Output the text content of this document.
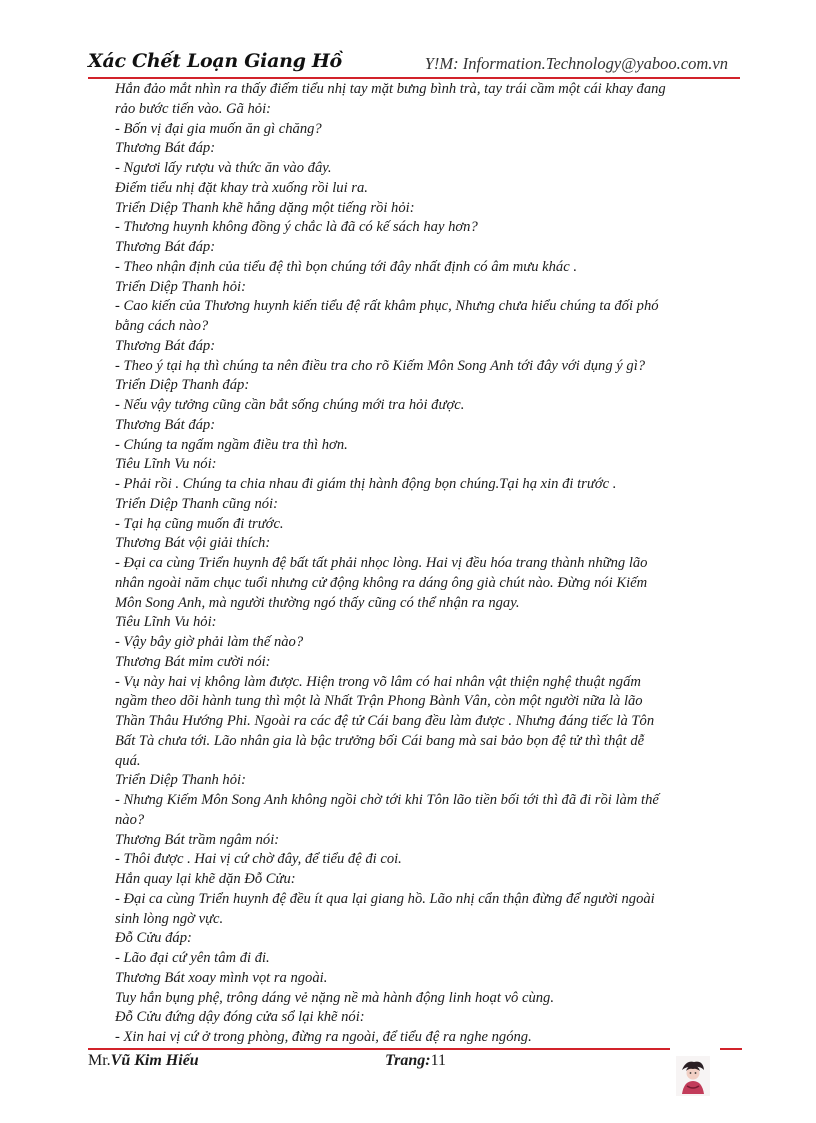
Xác Chết Loạn Giang Hồ	Y!M: Information.Technology@yaboo.com.vn
Hắn đảo mắt nhìn ra thấy điếm tiểu nhị tay mặt bưng bình trà, tay trái cầm một cái khay đang
rảo bước tiến vào. Gã hỏi:
- Bốn vị đại gia muốn ăn gì chăng?
Thương Bát đáp:
- Ngươi lấy rượu và thức ăn vào đây.
Điếm tiểu nhị đặt khay trà xuống rồi lui ra.
Triển Diệp Thanh khẽ hắng dặng một tiếng rồi hỏi:
- Thương huynh không đồng ý chắc là đã có kế sách hay hơn?
Thương Bát đáp:
- Theo nhận định của tiểu đệ thì bọn chúng tới đây nhất định có âm mưu khác .
Triển Diệp Thanh hỏi:
- Cao kiến của Thương huynh kiến tiểu đệ rất khâm phục, Nhưng chưa hiểu chúng ta đối phó
bằng cách nào?
Thương Bát đáp:
- Theo ý tại hạ thì chúng ta nên điều tra cho rõ Kiếm Môn Song Anh tới đây với dụng ý gì?
Triển Diệp Thanh đáp:
- Nếu vậy tưởng cũng cần bắt sống chúng mới tra hỏi được.
Thương Bát đáp:
- Chúng ta ngấm ngầm điều tra thì hơn.
Tiêu Lĩnh Vu nói:
- Phải rồi . Chúng ta chia nhau đi giám thị hành động bọn chúng.Tại hạ xin đi trước .
Triển Diệp Thanh cũng nói:
- Tại hạ cũng muốn đi trước.
Thương Bát vội giải thích:
- Đại ca cùng Triển huynh đệ bất tất phải nhọc lòng. Hai vị đều hóa trang thành những lão
nhân ngoài năm chục tuổi nhưng cử động không ra dáng ông già chút nào. Đừng nói Kiếm
Môn Song Anh, mà người thường ngó thấy cũng có thể nhận ra ngay.
Tiêu Lĩnh Vu hỏi:
- Vậy bây giờ phải làm thế nào?
Thương Bát mỉm cười nói:
- Vụ này hai vị không làm được. Hiện trong võ lâm có hai nhân vật thiện nghệ thuật ngấm
ngầm theo dõi hành tung thì một là Nhất Trận Phong Bành Vân, còn một người nữa là lão
Thần Thâu Hướng Phi. Ngoài ra các đệ tử Cái bang đều làm được . Nhưng đáng tiếc là Tôn
Bất Tà chưa tới. Lão nhân gia là bậc trưởng bối Cái bang mà sai bảo bọn đệ tử thì thật dễ
quá.
Triển Diệp Thanh hỏi:
- Nhưng Kiếm Môn Song Anh không ngồi chờ tới khi Tôn lão tiền bối tới thì đã đi rồi làm thế
nào?
Thương Bát trầm ngâm nói:
- Thôi được . Hai vị cứ chờ đây, để tiểu đệ đi coi.
Hắn quay lại khẽ dặn Đỗ Cửu:
- Đại ca cùng Triển huynh đệ đều ít qua lại giang hồ. Lão nhị cẩn thận đừng để người ngoài
sinh lòng ngờ vực.
Đỗ Cửu đáp:
- Lão đại cứ yên tâm đi đi.
Thương Bát xoay mình vọt ra ngoài.
Tuy hắn bụng phệ, trông dáng vẻ nặng nề mà hành động linh hoạt vô cùng.
Đỗ Cửu đứng dậy đóng cửa sổ lại khẽ nói:
- Xin hai vị cứ ở trong phòng, đừng ra ngoài, để tiểu đệ ra nghe ngóng.
Mr.Vũ Kim Hiếu	Trang:11
